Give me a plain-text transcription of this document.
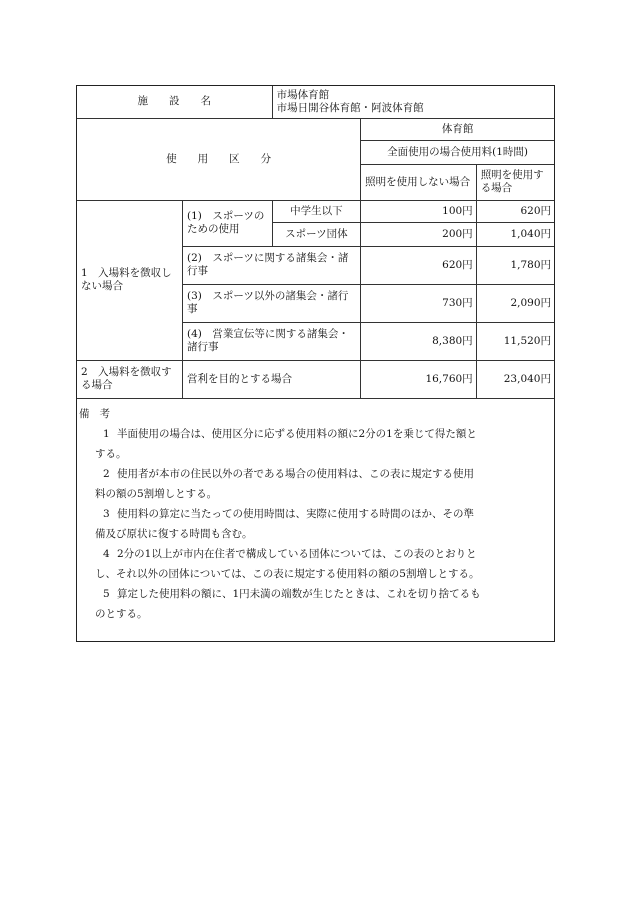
施　　設　　名		市場体育館
市場日開谷体育館・阿波体育館		

使　　用　　区　　分			体育館	
			全面使用の場合使用料(1時間)	
			照明を使用しない場合	照明を使用する場合
1　入場料を徴収しない場合	(1)　スポーツのための使用	中学生以下	100円	620円
		スポーツ団体	200円	1,040円
	(2)　スポーツに関する諸集会・諸行事		620円	1,780円
	(3)　スポーツ以外の諸集会・諸行事		730円	2,090円
	(4)　営業宣伝等に関する諸集会・諸行事		8,380円	11,520円

2　入場料を徴収する場合	営利を目的とする場合		16,760円	23,040円
備考
1 半面使用の場合は、使用区分に応ずる使用料の額に2分の1を乗じて得た額と
する。
2 使用者が本市の住民以外の者である場合の使用料は、この表に規定する使用
料の額の5割増しとする。
3 使用料の算定に当たっての使用時間は、実際に使用する時間のほか、その準
備及び原状に復する時間も含む。
4 2分の1以上が市内在住者で構成している団体については、この表のとおりと
し、それ以外の団体については、この表に規定する使用料の額の5割増しとする。
5 算定した使用料の額に、1円未満の端数が生じたときは、これを切り捨てるも
のとする。
